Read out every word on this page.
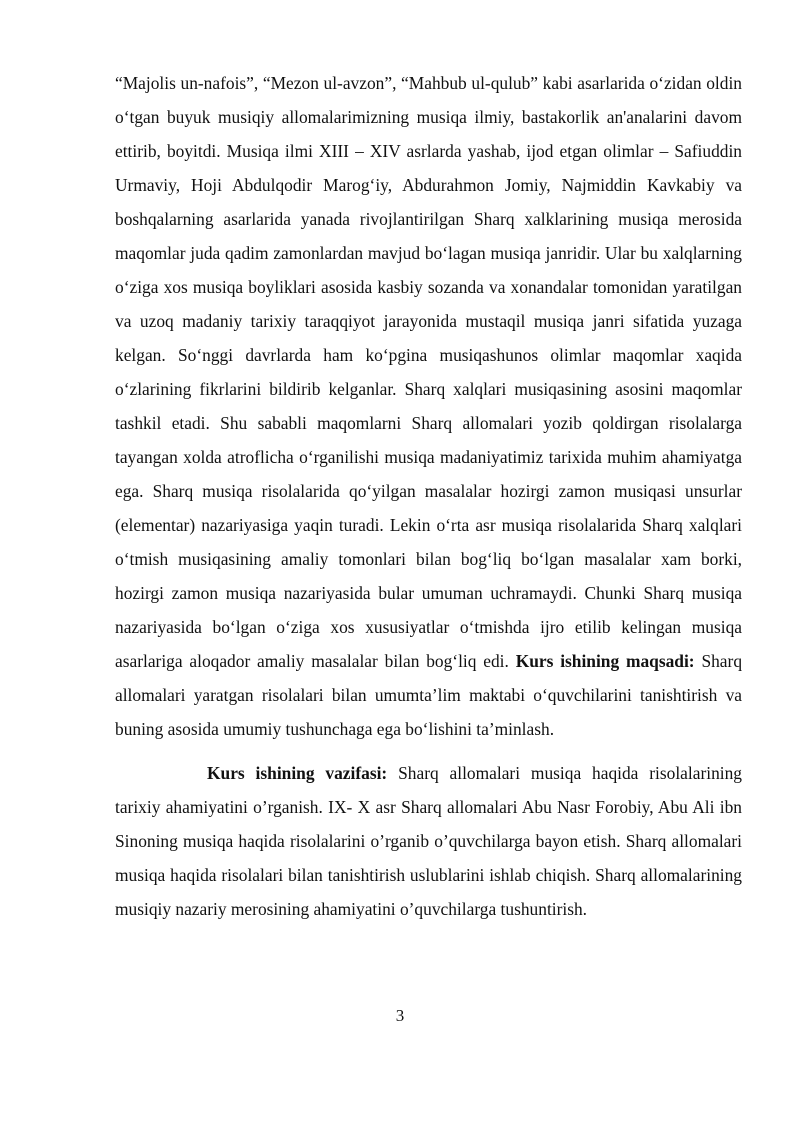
“Majolis un-nafois”, “Mezon ul-avzon”, “Mahbub ul-qulub” kabi asarlarida o‘zidan oldin o‘tgan buyuk musiqiy allomalarimizning musiqa ilmiy, bastakorlik an'analarini davom ettirib, boyitdi. Musiqa ilmi XIII – XIV asrlarda yashab, ijod etgan olimlar – Safiuddin Urmaviy, Hoji Abdulqodir Marog‘iy, Abdurahmon Jomiy, Najmiddin Kavkabiy va boshqalarning asarlarida yanada rivojlantirilgan Sharq xalklarining musiqa merosida maqomlar juda qadim zamonlardan mavjud bo‘lagan musiqa janridir. Ular bu xalqlarning o‘ziga xos musiqa boyliklari asosida kasbiy sozanda va xonandalar tomonidan yaratilgan va uzoq madaniy tarixiy taraqqiyot jarayonida mustaqil musiqa janri sifatida yuzaga kelgan. So‘nggi davrlarda ham ko‘pgina musiqashunos olimlar maqomlar xaqida o‘zlarining fikrlarini bildirib kelganlar. Sharq xalqlari musiqasining asosini maqomlar tashkil etadi. Shu sababli maqomlarni Sharq allomalari yozib qoldirgan risolalarga tayangan xolda atroflicha o‘rganilishi musiqa madaniyatimiz tarixida muhim ahamiyatga ega. Sharq musiqa risolalarida qo‘yilgan masalalar hozirgi zamon musiqasi unsurlar (elementar) nazariyasiga yaqin turadi. Lekin o‘rta asr musiqa risolalarida Sharq xalqlari o‘tmish musiqasining amaliy tomonlari bilan bog‘liq bo‘lgan masalalar xam borki, hozirgi zamon musiqa nazariyasida bular umuman uchramaydi. Chunki Sharq musiqa nazariyasida bo‘lgan o‘ziga xos xususiyatlar o‘tmishda ijro etilib kelingan musiqa asarlariga aloqador amaliy masalalar bilan bog‘liq edi. Kurs ishining maqsadi: Sharq allomalari yaratgan risolalari bilan umumta’lim maktabi o‘quvchilarini tanishtirish va buning asosida umumiy tushunchaga ega bo‘lishini ta’minlash.

Kurs ishining vazifasi: Sharq allomalari musiqa haqida risolalarining tarixiy ahamiyatini o’rganish. IX- X asr Sharq allomalari Abu Nasr Forobiy, Abu Ali ibn Sinoning musiqa haqida risolalarini o’rganib o’quvchilarga bayon etish. Sharq allomalari musiqa haqida risolalari bilan tanishtirish uslublarini ishlab chiqish. Sharq allomalarining musiqiy nazariy merosining ahamiyatini o’quvchilarga tushuntirish.

3
